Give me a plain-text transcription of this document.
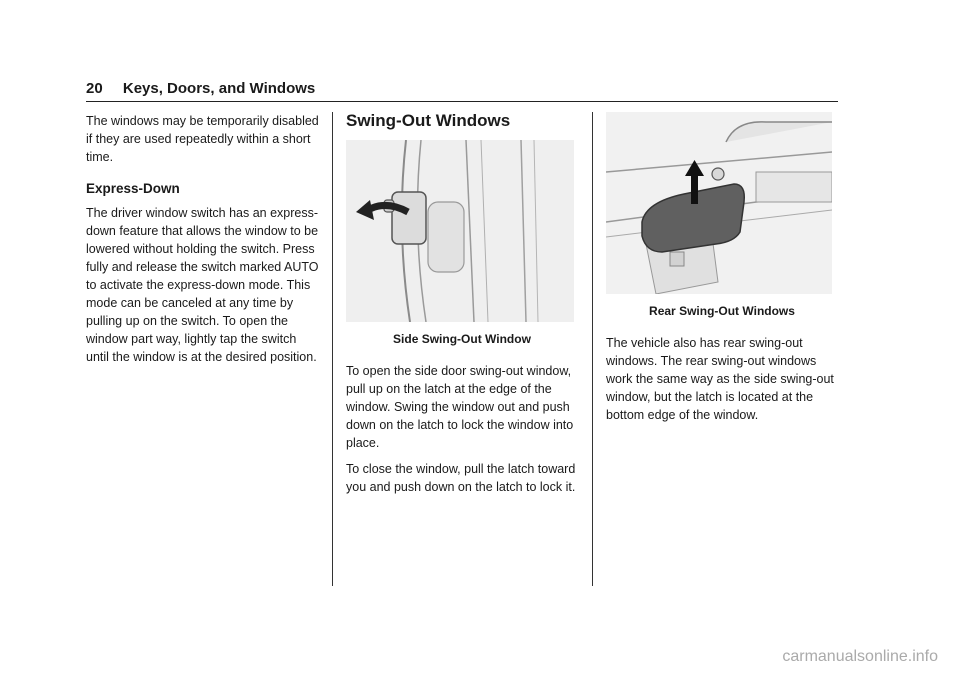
20 Keys, Doors, and Windows

The windows may be temporarily disabled if they are used repeatedly within a short time.

Express-Down

The driver window switch has an express-down feature that allows the window to be lowered without holding the switch. Press fully and release the switch marked AUTO to activate the express-down mode. This mode can be canceled at any time by pulling up on the switch. To open the window part way, lightly tap the switch until the window is at the desired position.

Swing-Out Windows
Side Swing-Out Window

To open the side door swing-out window, pull up on the latch at the edge of the window. Swing the window out and push down on the latch to lock the window into place.

To close the window, pull the latch toward you and push down on the latch to lock it.

Rear Swing-Out Windows

The vehicle also has rear swing-out windows. The rear swing-out windows work the same way as the side swing-out window, but the latch is located at the bottom edge of the window.

carmanualsonline.info
